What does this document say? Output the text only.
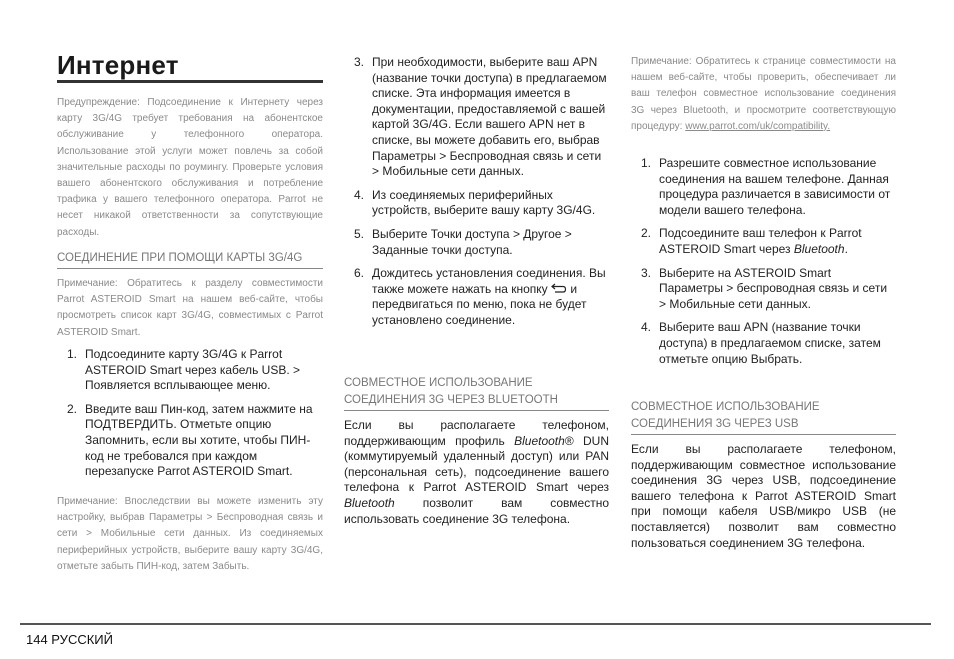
Интернет

Предупреждение: Подсоединение к Интернету через карту 3G/4G требует требования на абонентское обслуживание у телефонного оператора. Использование этой услуги может повлечь за собой значительные расходы по роумингу. Проверьте условия вашего абонентского обслуживания и потребление трафика у вашего телефонного оператора. Parrot не несет никакой ответственности за сопутствующие расходы.

СОЕДИНЕНИЕ ПРИ ПОМОЩИ КАРТЫ 3G/4G

Примечание: Обратитесь к разделу совместимости Parrot ASTEROID Smart на нашем веб-сайте, чтобы просмотреть список карт 3G/4G, совместимых с Parrot ASTEROID Smart.

1. Подсоедините карту 3G/4G к Parrot ASTEROID Smart через кабель USB. > Появляется всплывающее меню.
2. Введите ваш Пин-код, затем нажмите на ПОДТВЕРДИТЬ. Отметьте опцию Запомнить, если вы хотите, чтобы ПИН-код не требовался при каждом перезапуске Parrot ASTEROID Smart.

Примечание: Впоследствии вы можете изменить эту настройку, выбрав Параметры > Беспроводная связь и сети > Мобильные сети данных. Из соединяемых периферийных устройств, выберите вашу карту 3G/4G, отметьте забыть ПИН-код, затем Забыть.

3. При необходимости, выберите ваш APN (название точки доступа) в предлагаемом списке. Эта информация имеется в документации, предоставляемой с вашей картой 3G/4G. Если вашего APN нет в списке, вы можете добавить его, выбрав Параметры > Беспроводная связь и сети > Мобильные сети данных.
4. Из соединяемых периферийных устройств, выберите вашу карту 3G/4G.
5. Выберите Точки доступа > Другое > Заданные точки доступа.
6. Дождитесь установления соединения. Вы также можете нажать на кнопку  и передвигаться по меню, пока не будет установлено соединение.

СОВМЕСТНОЕ ИСПОЛЬЗОВАНИЕ
СОЕДИНЕНИЯ 3G ЧЕРЕЗ BLUETOOTH

Если вы располагаете телефоном, поддерживающим профиль Bluetooth® DUN (коммутируемый удаленный доступ) или PAN (персональная сеть), подсоединение вашего телефона к Parrot ASTEROID Smart через Bluetooth позволит вам совместно использовать соединение 3G телефона.

Примечание: Обратитесь к странице совместимости на нашем веб-сайте, чтобы проверить, обеспечивает ли ваш телефон совместное использование соединения 3G через Bluetooth, и просмотрите соответствующую процедуру: www.parrot.com/uk/compatibility.

1. Разрешите совместное использование соединения на вашем телефоне. Данная процедура различается в зависимости от модели вашего телефона.
2. Подсоедините ваш телефон к Parrot ASTEROID Smart через Bluetooth.
3. Выберите на ASTEROID Smart Параметры > беспроводная связь и сети > Мобильные сети данных.
4. Выберите ваш APN (название точки доступа) в предлагаемом списке, затем отметьте опцию Выбрать.

СОВМЕСТНОЕ ИСПОЛЬЗОВАНИЕ
СОЕДИНЕНИЯ 3G ЧЕРЕЗ USB

Если вы располагаете телефоном, поддерживающим совместное использование соединения 3G через USB, подсоединение вашего телефона к Parrot ASTEROID Smart при помощи кабеля USB/микро USB (не поставляется) позволит вам совместно пользоваться соединением 3G телефона.

144 РУССКИЙ
